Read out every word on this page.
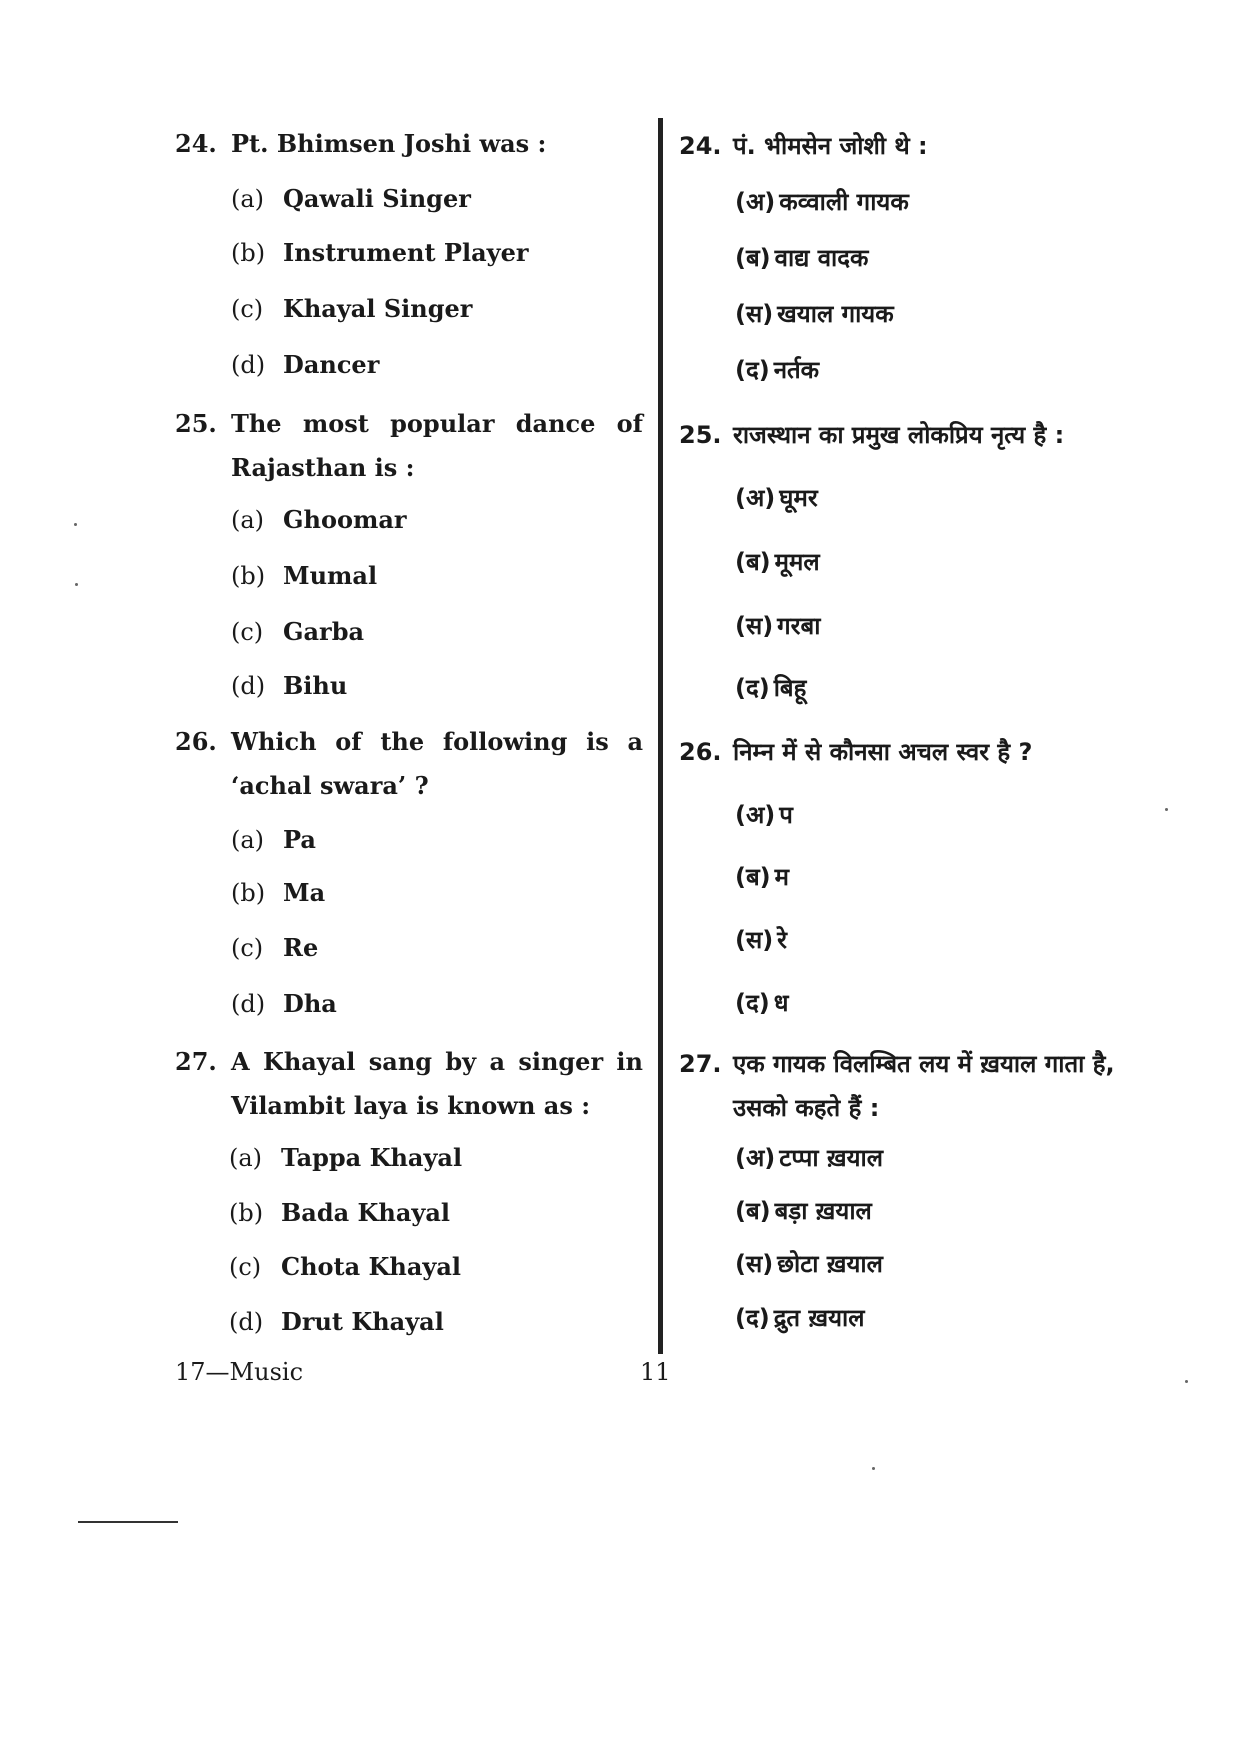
24. Pt. Bhimsen Joshi was :
(a) Qawali Singer
(b) Instrument Player
(c) Khayal Singer
(d) Dancer
25. The most popular dance of Rajasthan is :
(a) Ghoomar
(b) Mumal
(c) Garba
(d) Bihu
26. Which of the following is a ‘achal swara’ ?
(a) Pa
(b) Ma
(c) Re
(d) Dha
27. A Khayal sang by a singer in Vilambit laya is known as :
(a) Tappa Khayal
(b) Bada Khayal
(c) Chota Khayal
(d) Drut Khayal
24. पं. भीमसेन जोशी थे :
(अ) कव्वाली गायक
(ब) वाद्य वादक
(स) खयाल गायक
(द) नर्तक
25. राजस्थान का प्रमुख लोकप्रिय नृत्य है :
(अ) घूमर
(ब) मूमल
(स) गरबा
(द) बिहू
26. निम्न में से कौनसा अचल स्वर है ?
(अ) प
(ब) म
(स) रे
(द) ध
27. एक गायक विलम्बित लय में ख़याल गाता है, उसको कहते हैं :
(अ) टप्पा ख़याल
(ब) बड़ा ख़याल
(स) छोटा ख़याल
(द) द्रुत ख़याल
17—Music	11
